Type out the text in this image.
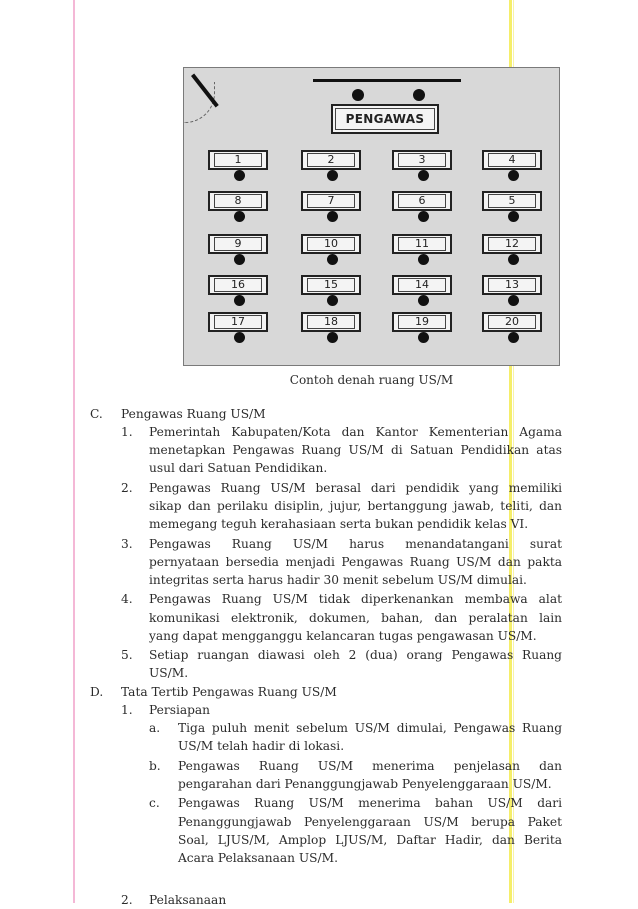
PENGAWAS
1	2	3	4
8	7	6	5
9	10	11	12
16	15	14	13
17	18	19	20
Contoh denah ruang US/M
C. Pengawas Ruang US/M
1. Pemerintah Kabupaten/Kota dan Kantor Kementerian Agama
menetapkan Pengawas Ruang US/M di Satuan Pendidikan atas
usul dari Satuan Pendidikan.
2. Pengawas Ruang US/M berasal dari pendidik yang memiliki
sikap dan perilaku disiplin, jujur, bertanggung jawab, teliti, dan
memegang teguh kerahasiaan serta bukan pendidik kelas VI.
3. Pengawas Ruang US/M harus menandatangani surat
pernyataan bersedia menjadi Pengawas Ruang US/M dan pakta
integritas serta harus hadir 30 menit sebelum US/M dimulai.
4. Pengawas Ruang US/M tidak diperkenankan membawa alat
komunikasi elektronik, dokumen, bahan, dan peralatan lain
yang dapat mengganggu kelancaran tugas pengawasan US/M.
5. Setiap ruangan diawasi oleh 2 (dua) orang Pengawas Ruang
US/M.
D. Tata Tertib Pengawas Ruang US/M
1. Persiapan
a. Tiga puluh menit sebelum US/M dimulai, Pengawas Ruang
US/M telah hadir di lokasi.
b. Pengawas Ruang US/M menerima penjelasan dan
pengarahan dari Penanggungjawab Penyelenggaraan US/M.
c. Pengawas Ruang US/M menerima bahan US/M dari
Penanggungjawab Penyelenggaraan US/M berupa Paket
Soal, LJUS/M, Amplop LJUS/M, Daftar Hadir, dan Berita
Acara Pelaksanaan US/M.
2. Pelaksanaan
